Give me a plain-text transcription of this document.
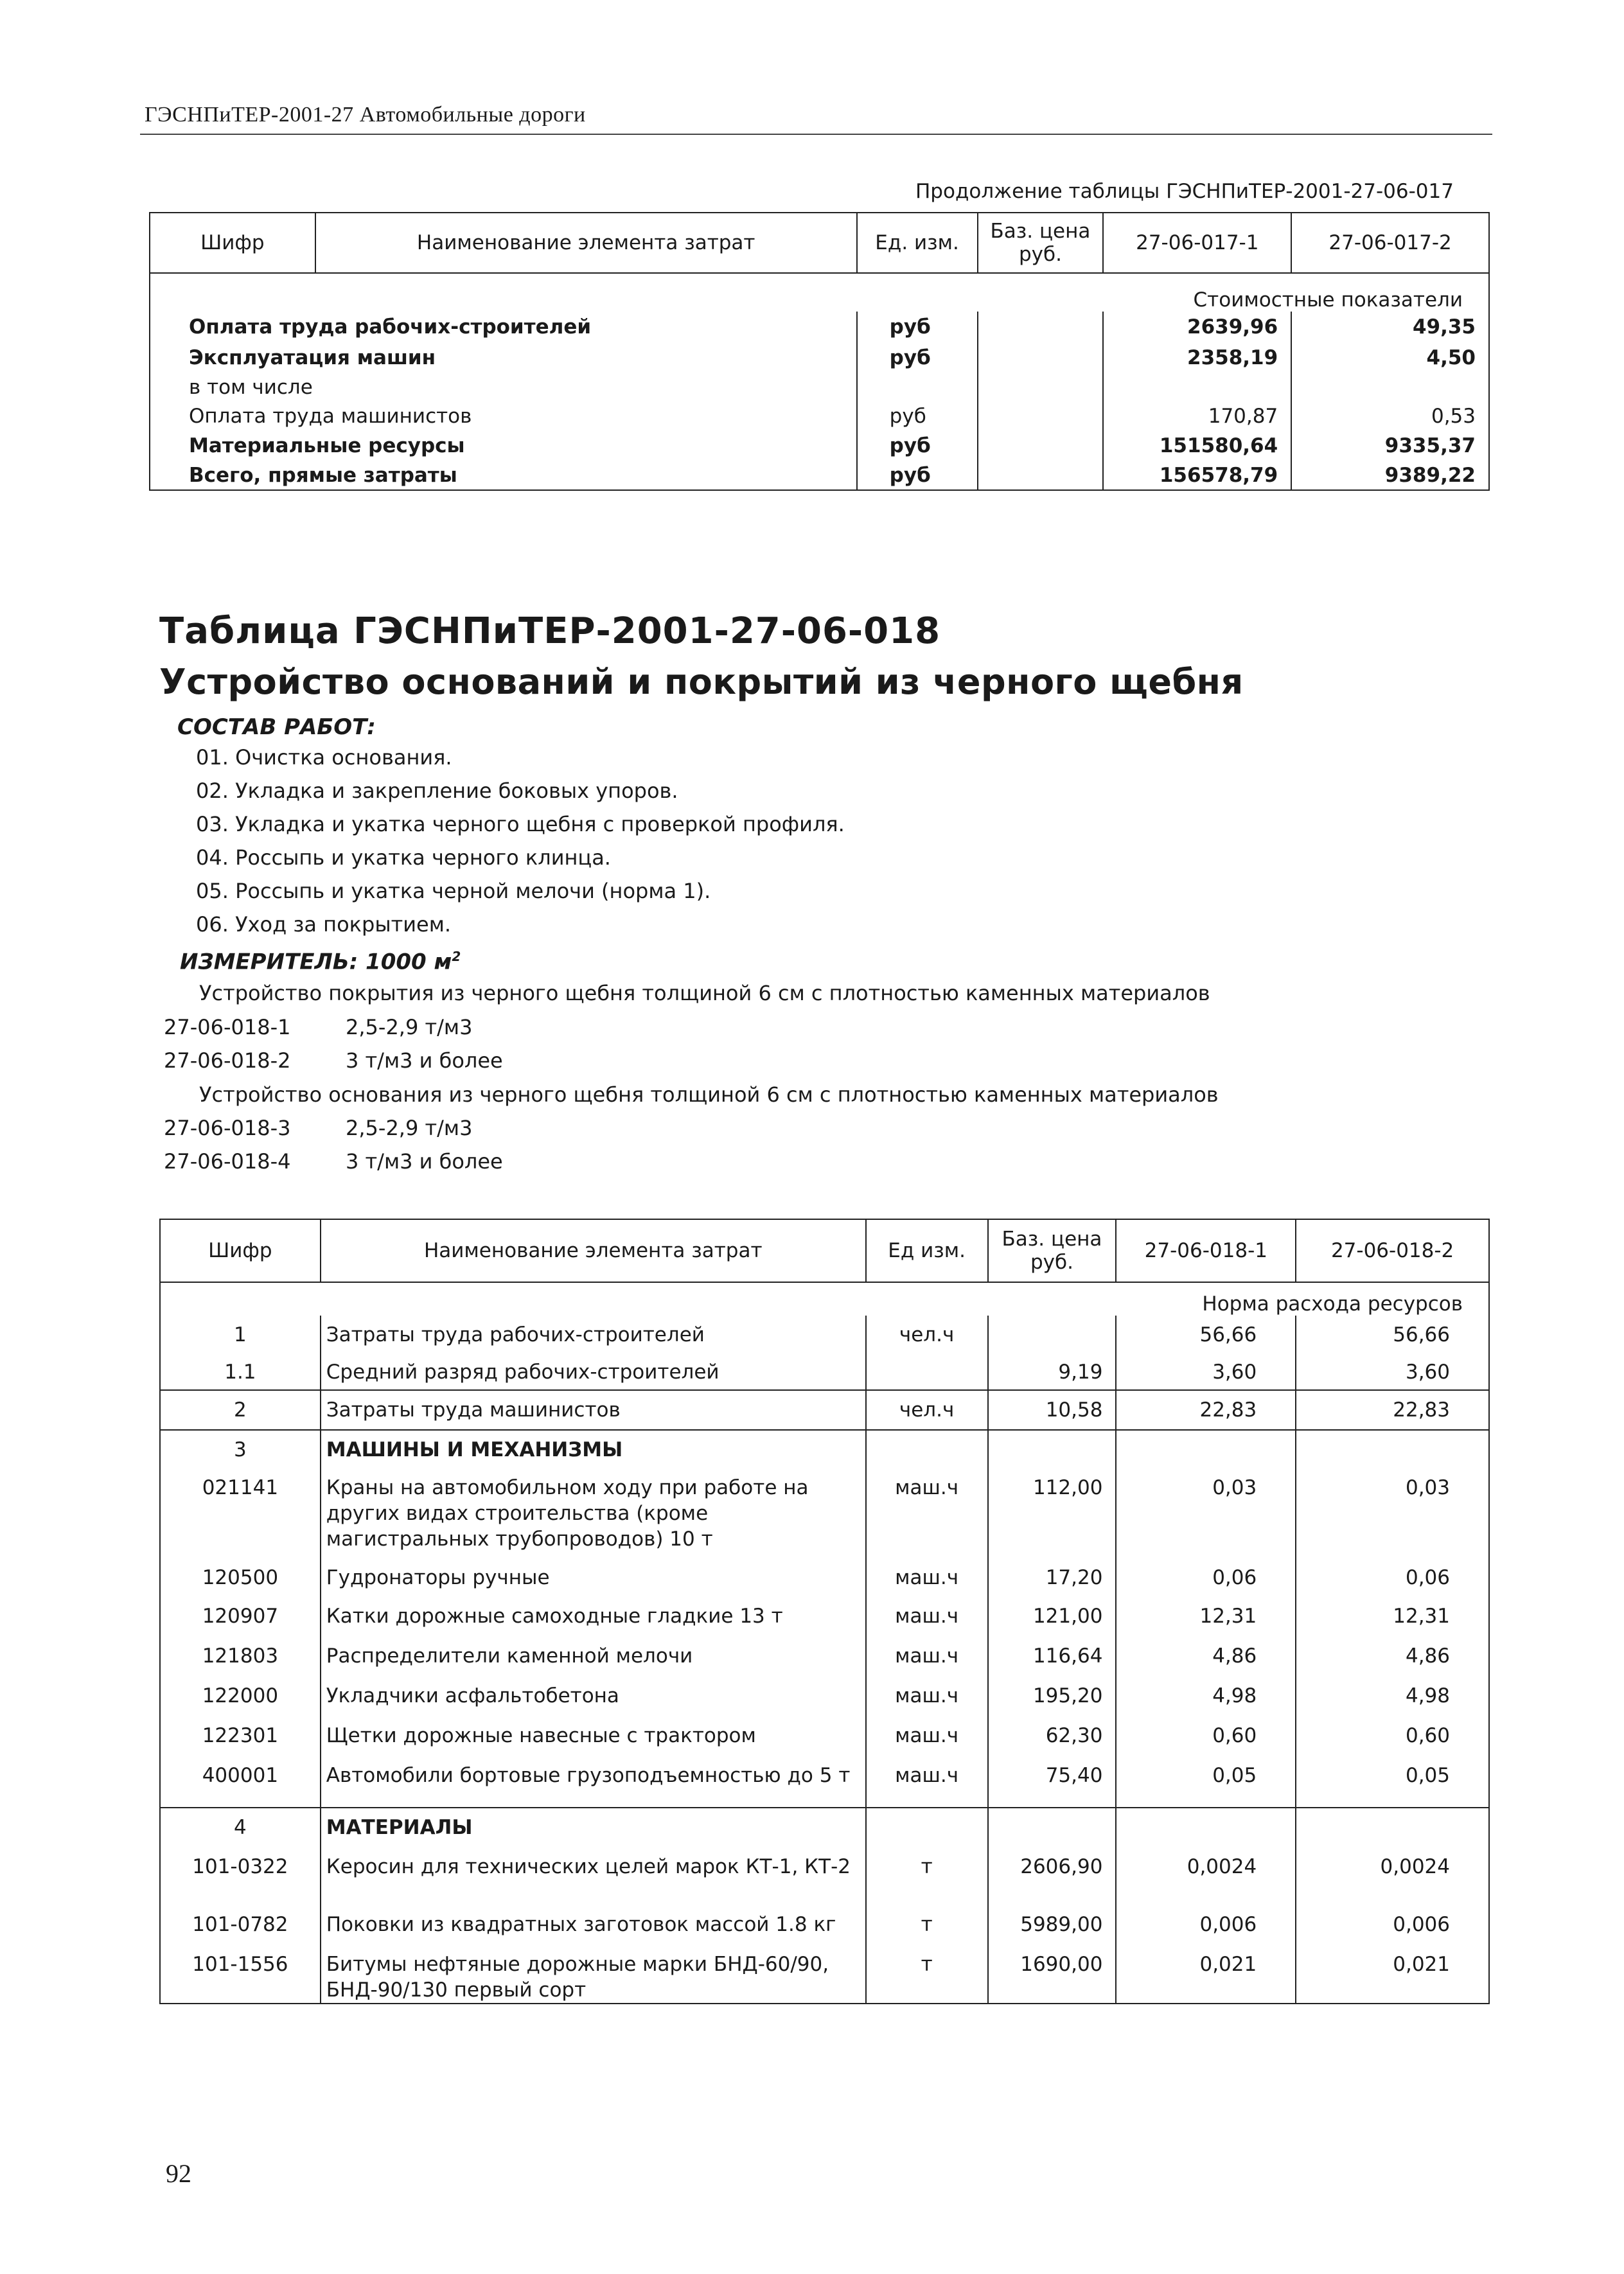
ГЭСНПиТЕР-2001-27 Автомобильные дороги
Продолжение таблицы ГЭСНПиТЕР-2001-27-06-017
Шифр	Наименование элемента затрат	Ед. изм.	Баз. цена руб.	27-06-017-1	27-06-017-2
Стоимостные показатели					
Оплата труда рабочих-строителей		руб		2639,96	49,35
Эксплуатация машин		руб		2358,19	4,50
в том числе					
Оплата труда машинистов		руб		170,87	0,53
Материальные ресурсы		руб		151580,64	9335,37
Всего, прямые затраты		руб		156578,79	9389,22
Таблица ГЭСНПиТЕР-2001-27-06-018
Устройство оснований и покрытий из черного щебня
СОСТАВ РАБОТ:
01. Очистка основания.
02. Укладка и закрепление боковых упоров.
03. Укладка и укатка черного щебня с проверкой профиля.
04. Россыпь и укатка черного клинца.
05. Россыпь и укатка черной мелочи (норма 1).
06. Уход за покрытием.
ИЗМЕРИТЕЛЬ: 1000 $м^2$
Устройство покрытия из черного щебня толщиной 6 см с плотностью каменных материалов
27-06-018-1	2,5-2,9 т/м3
27-06-018-2	3 т/м3 и более
Устройство основания из черного щебня толщиной 6 см с плотностью каменных материалов
27-06-018-3	2,5-2,9 т/м3
27-06-018-4	3 т/м3 и более
Шифр	Наименование элемента затрат	Ед изм.	Баз. цена руб.	27-06-018-1	27-06-018-2
Норма расхода ресурсов					
1	Затраты труда рабочих-строителей	чел.ч		56,66	56,66
1.1	Средний разряд рабочих-строителей		9,19	3,60	3,60
2	Затраты труда машинистов	чел.ч	10,58	22,83	22,83
3	МАШИНЫ И МЕХАНИЗМЫ				
021141	Краны на автомобильном ходу при работе на других видах строительства (кроме магистральных трубопроводов) 10 т	маш.ч	112,00	0,03	0,03
120500	Гудронаторы ручные	маш.ч	17,20	0,06	0,06
120907	Катки дорожные самоходные гладкие 13 т	маш.ч	121,00	12,31	12,31
121803	Распределители каменной мелочи	маш.ч	116,64	4,86	4,86
122000	Укладчики асфальтобетона	маш.ч	195,20	4,98	4,98
122301	Щетки дорожные навесные с трактором	маш.ч	62,30	0,60	0,60
400001	Автомобили бортовые грузоподъемностью до 5 т	маш.ч	75,40	0,05	0,05
4	МАТЕРИАЛЫ				
101-0322	Керосин для технических целей марок КТ-1, КТ-2	т	2606,90	0,0024	0,0024
101-0782	Поковки из квадратных заготовок массой 1.8 кг	т	5989,00	0,006	0,006
101-1556	Битумы нефтяные дорожные марки БНД-60/90, БНД-90/130 первый сорт	т	1690,00	0,021	0,021
92
